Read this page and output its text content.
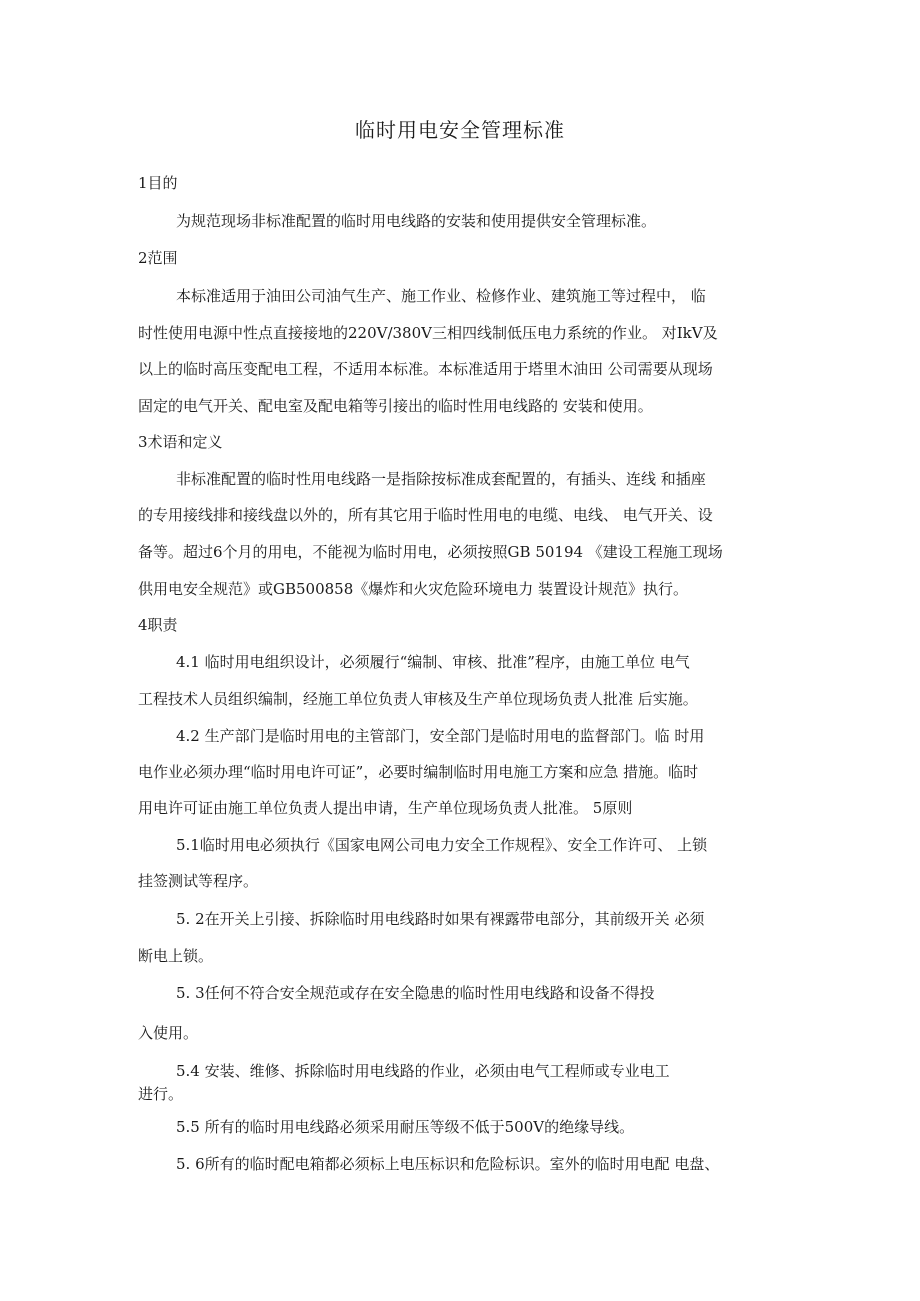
临时用电安全管理标准

1目的

为规范现场非标准配置的临时用电线路的安装和使用提供安全管理标准。

2范围

本标准适用于油田公司油气生产、施工作业、检修作业、建筑施工等过程中， 临

时性使用电源中性点直接接地的220V/380V三相四线制低压电力系统的作业。 对IkV及

以上的临时高压变配电工程，不适用本标准。本标准适用于塔里木油田 公司需要从现场

固定的电气开关、配电室及配电箱等引接出的临时性用电线路的 安装和使用。

3术语和定义

非标准配置的临时性用电线路一是指除按标准成套配置的，有插头、连线 和插座

的专用接线排和接线盘以外的，所有其它用于临时性用电的电缆、电线、 电气开关、设

备等。超过6个月的用电，不能视为临时用电，必须按照GB 50194 《建设工程施工现场

供用电安全规范》或GB500858《爆炸和火灾危险环境电力 装置设计规范》执行。

4职责

4.1 临时用电组织设计，必须履行“编制、审核、批准”程序，由施工单位 电气

工程技术人员组织编制，经施工单位负责人审核及生产单位现场负责人批准 后实施。

4.2 生产部门是临时用电的主管部门，安全部门是临时用电的监督部门。临 时用

电作业必须办理“临时用电许可证”，必要时编制临时用电施工方案和应急 措施。临时

用电许可证由施工单位负责人提出申请，生产单位现场负责人批准。 5原则

5.1临时用电必须执行《国家电网公司电力安全工作规程》、安全工作许可、 上锁

挂签测试等程序。

5. 2在开关上引接、拆除临时用电线路时如果有裸露带电部分，其前级开关 必须

断电上锁。

5. 3任何不符合安全规范或存在安全隐患的临时性用电线路和设备不得投

入使用。

5.4 安装、维修、拆除临时用电线路的作业，必须由电气工程师或专业电工

进行。

5.5 所有的临时用电线路必须采用耐压等级不低于500V的绝缘导线。

5. 6所有的临时配电箱都必须标上电压标识和危险标识。室外的临时用电配 电盘、
